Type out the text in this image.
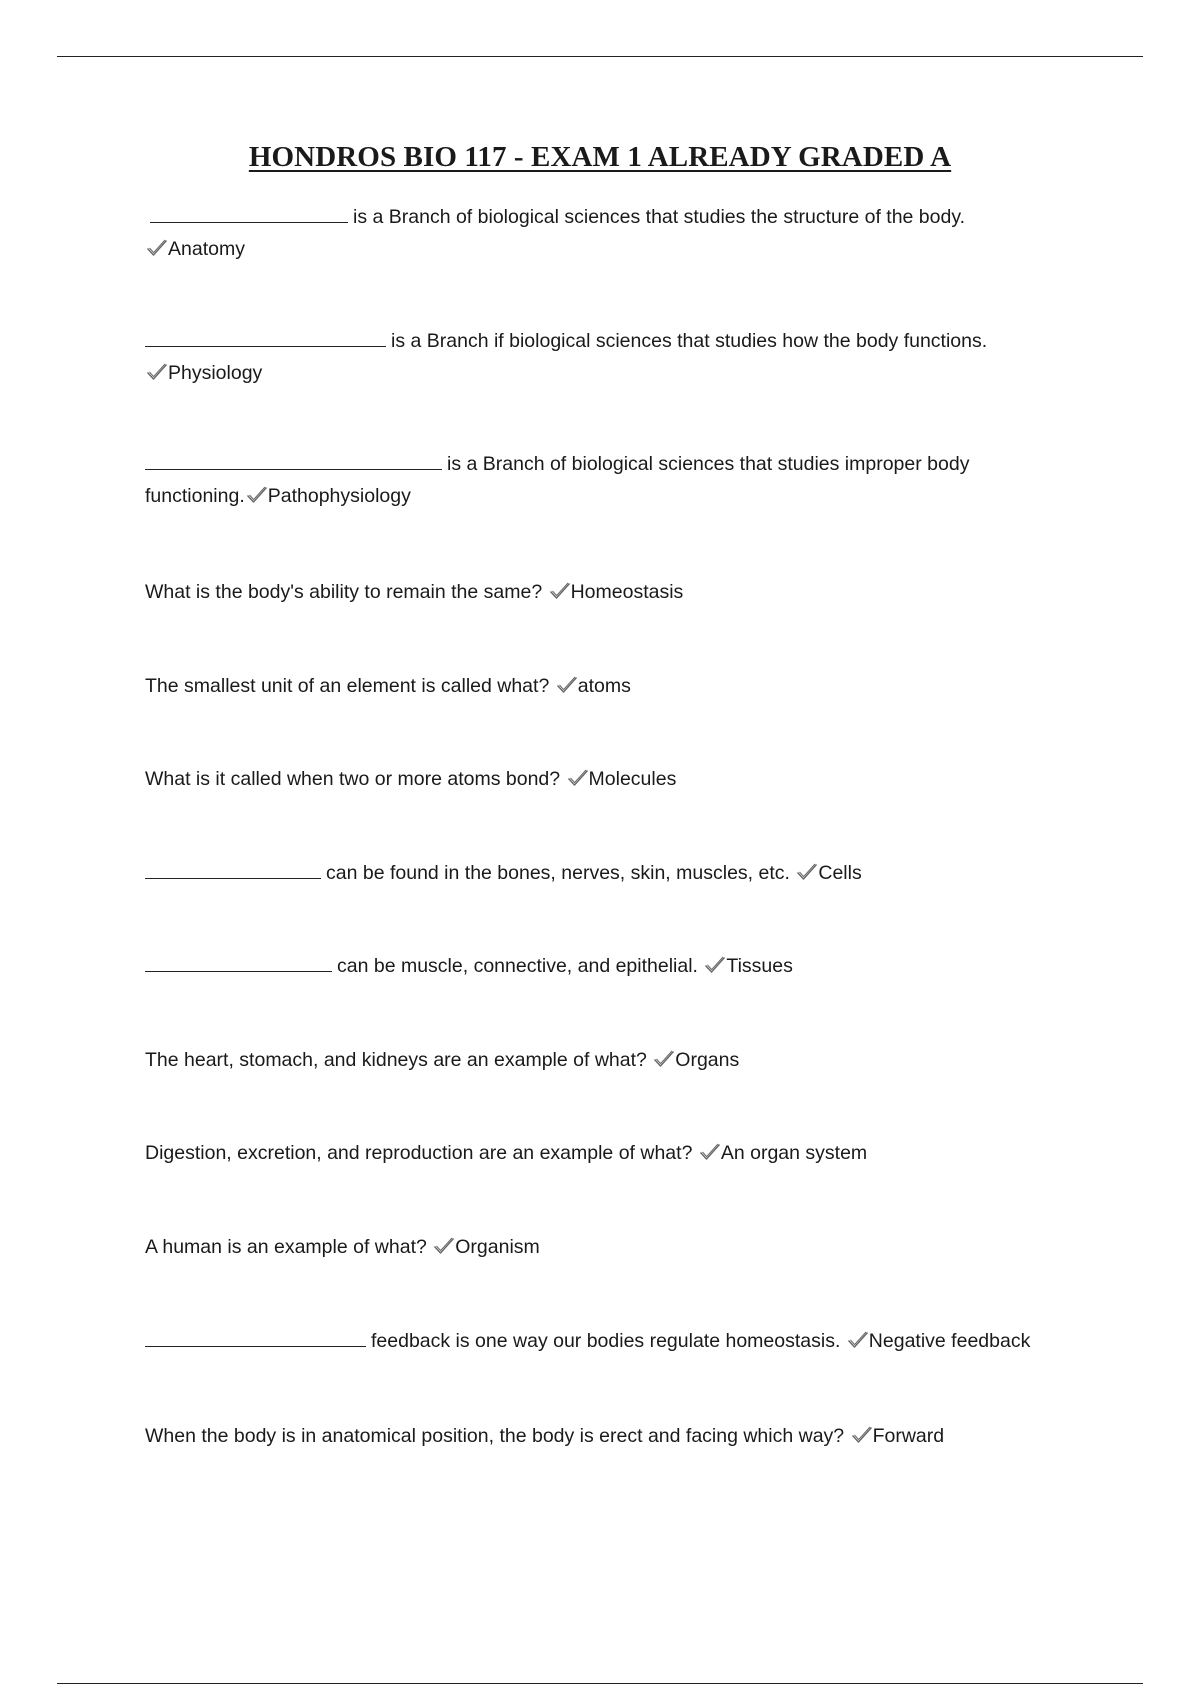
HONDROS BIO 117 - EXAM 1 ALREADY GRADED A

is a Branch of biological sciences that studies the structure of the body.

Anatomy

is a Branch if biological sciences that studies how the body functions.

Physiology

is a Branch of biological sciences that studies improper body functioning. Pathophysiology

What is the body's ability to remain the same? Homeostasis

The smallest unit of an element is called what? atoms

What is it called when two or more atoms bond? Molecules

can be found in the bones, nerves, skin, muscles, etc. Cells

can be muscle, connective, and epithelial. Tissues

The heart, stomach, and kidneys are an example of what? Organs

Digestion, excretion, and reproduction are an example of what? An organ system

A human is an example of what? Organism

feedback is one way our bodies regulate homeostasis. Negative feedback

When the body is in anatomical position, the body is erect and facing which way? Forward
